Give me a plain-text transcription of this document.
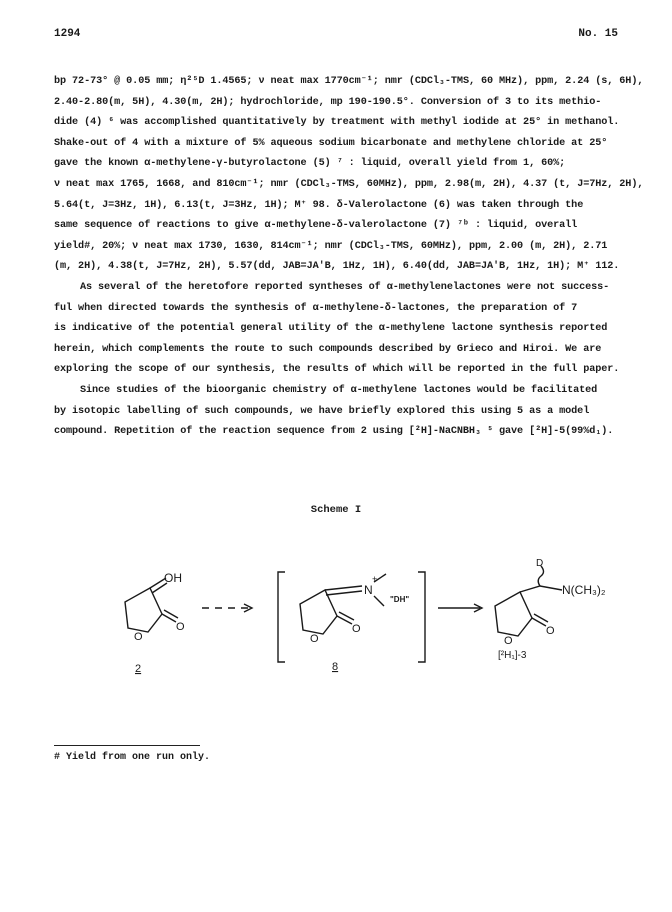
1294	No. 15
bp 72-73° @ 0.05 mm; η²⁵D 1.4565; ν neat max 1770cm⁻¹; nmr (CDCl₃-TMS, 60 MHz), ppm, 2.24 (s, 6H),
2.40-2.80(m, 5H), 4.30(m, 2H); hydrochloride, mp 190-190.5°. Conversion of 3 to its methio-
dide (4) ⁶ was accomplished quantitatively by treatment with methyl iodide at 25° in methanol.
Shake-out of 4 with a mixture of 5% aqueous sodium bicarbonate and methylene chloride at 25°
gave the known α-methylene-γ-butyrolactone (5) ⁷ : liquid, overall yield from 1, 60%;
ν neat max 1765, 1668, and 810cm⁻¹; nmr (CDCl₃-TMS, 60MHz), ppm, 2.98(m, 2H), 4.37 (t, J=7Hz, 2H),
5.64(t, J=3Hz, 1H), 6.13(t, J=3Hz, 1H); M⁺ 98. δ-Valerolactone (6) was taken through the
same sequence of reactions to give α-methylene-δ-valerolactone (7) ⁷ᵇ : liquid, overall
yield#, 20%; ν neat max 1730, 1630, 814cm⁻¹; nmr (CDCl₃-TMS, 60MHz), ppm, 2.00 (m, 2H), 2.71
(m, 2H), 4.38(t, J=7Hz, 2H), 5.57(dd, JAB=JA'B, 1Hz, 1H), 6.40(dd, JAB=JA'B, 1Hz, 1H); M⁺ 112.
As several of the heretofore reported syntheses of α-methylenelactones were not success-
ful when directed towards the synthesis of α-methylene-δ-lactones, the preparation of 7
is indicative of the potential general utility of the α-methylene lactone synthesis reported
herein, which complements the route to such compounds described by Grieco and Hiroi. We are
exploring the scope of our synthesis, the results of which will be reported in the full paper.
Since studies of the bioorganic chemistry of α-methylene lactones would be facilitated
by isotopic labelling of such compounds, we have briefly explored this using 5 as a model
compound. Repetition of the reaction sequence from 2 using [²H]-NaCNBH₃ ⁵ gave [²H]-5(99%d₁).
Scheme I
OH
O
O
2
N
+
O
O
8
"DH"
D
N(CH₃)₂
O
O
[²H₁]-3
# Yield from one run only.
